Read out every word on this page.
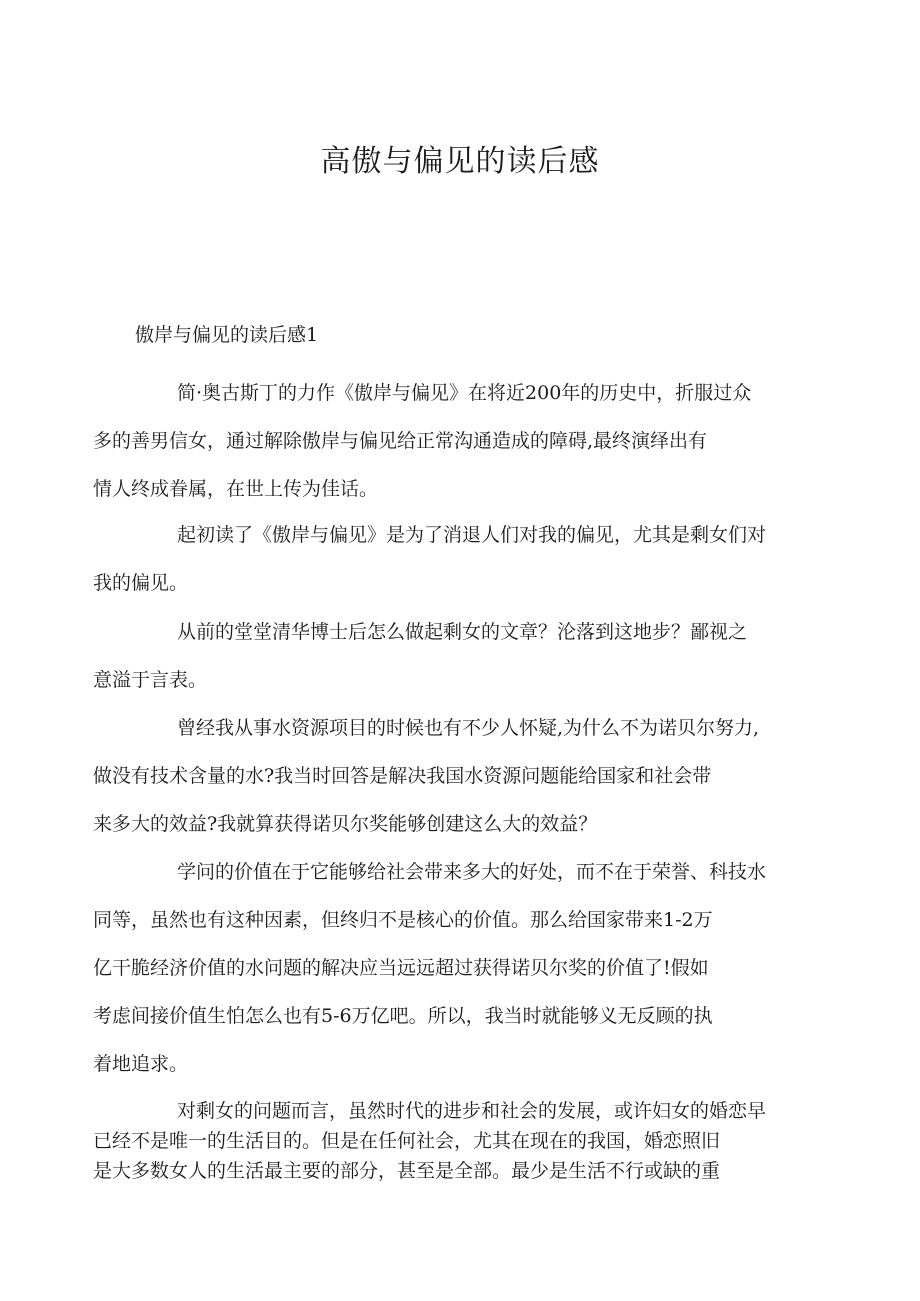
高傲与偏见的读后感

傲岸与偏见的读后感1

简·奥古斯丁的力作《傲岸与偏见》在将近200年的历史中，折服过众
多的善男信女，通过解除傲岸与偏见给正常沟通造成的障碍,最终演绎出有
情人终成眷属，在世上传为佳话。

起初读了《傲岸与偏见》是为了消退人们对我的偏见，尤其是剩女们对
我的偏见。

从前的堂堂清华博士后怎么做起剩女的文章？沦落到这地步？鄙视之
意溢于言表。

曾经我从事水资源项目的时候也有不少人怀疑,为什么不为诺贝尔努力,
做没有技术含量的水?我当时回答是解决我国水资源问题能给国家和社会带
来多大的效益?我就算获得诺贝尔奖能够创建这么大的效益？

学问的价值在于它能够给社会带来多大的好处，而不在于荣誉、科技水
同等，虽然也有这种因素，但终归不是核心的价值。那么给国家带来1-2万
亿干脆经济价值的水问题的解决应当远远超过获得诺贝尔奖的价值了!假如
考虑间接价值生怕怎么也有5-6万亿吧。所以，我当时就能够义无反顾的执
着地追求。

对剩女的问题而言，虽然时代的进步和社会的发展，或许妇女的婚恋早
已经不是唯一的生活目的。但是在任何社会，尤其在现在的我国，婚恋照旧
是大多数女人的生活最主要的部分，甚至是全部。最少是生活不行或缺的重
